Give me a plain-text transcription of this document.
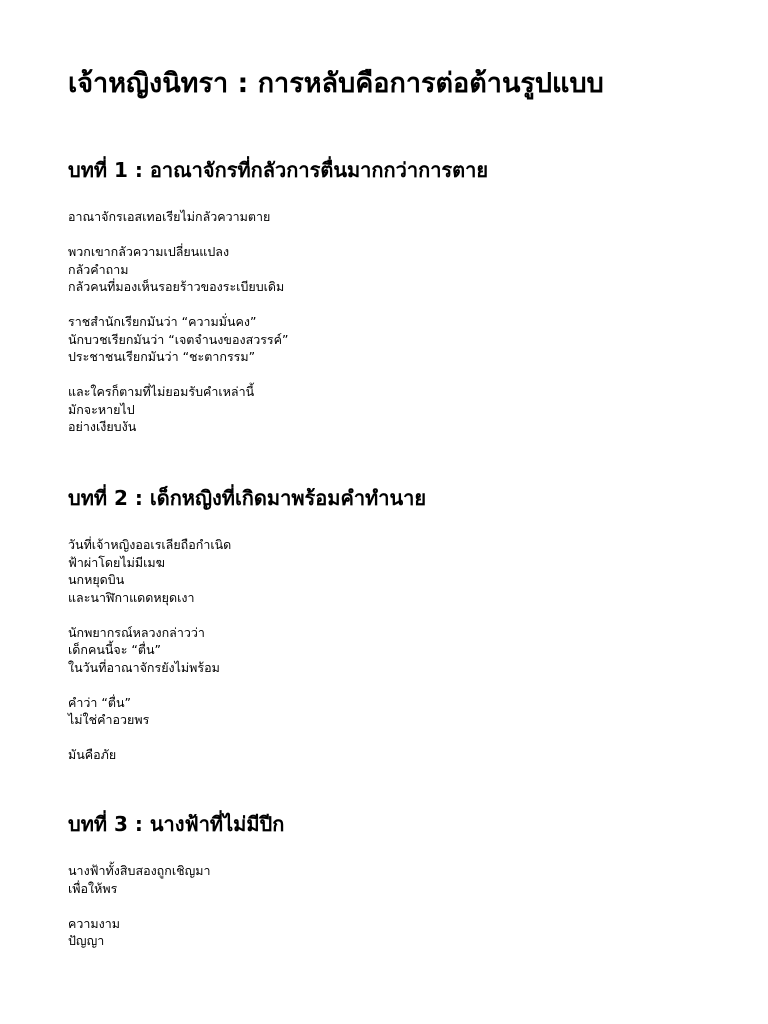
เจ้าหญิงนิทรา : การหลับคือการต่อต้านรูปแบบ
บทที่ 1 : อาณาจักรที่กลัวการตื่นมากกว่าการตาย
อาณาจักรเอสเทอเรียไม่กลัวความตาย
พวกเขากลัวความเปลี่ยนแปลง
กลัวคำถาม
กลัวคนที่มองเห็นรอยร้าวของระเบียบเดิม
ราชสำนักเรียกมันว่า “ความมั่นคง”
นักบวชเรียกมันว่า “เจตจำนงของสวรรค์”
ประชาชนเรียกมันว่า “ชะตากรรม”
และใครก็ตามที่ไม่ยอมรับคำเหล่านี้
มักจะหายไป
อย่างเงียบงัน
บทที่ 2 : เด็กหญิงที่เกิดมาพร้อมคำทำนาย
วันที่เจ้าหญิงออเรเลียถือกำเนิด
ฟ้าผ่าโดยไม่มีเมฆ
นกหยุดบิน
และนาฬิกาแดดหยุดเงา
นักพยากรณ์หลวงกล่าวว่า
เด็กคนนี้จะ “ตื่น”
ในวันที่อาณาจักรยังไม่พร้อม
คำว่า “ตื่น”
ไม่ใช่คำอวยพร
มันคือภัย
บทที่ 3 : นางฟ้าที่ไม่มีปีก
นางฟ้าทั้งสิบสองถูกเชิญมา
เพื่อให้พร
ความงาม
ปัญญา
